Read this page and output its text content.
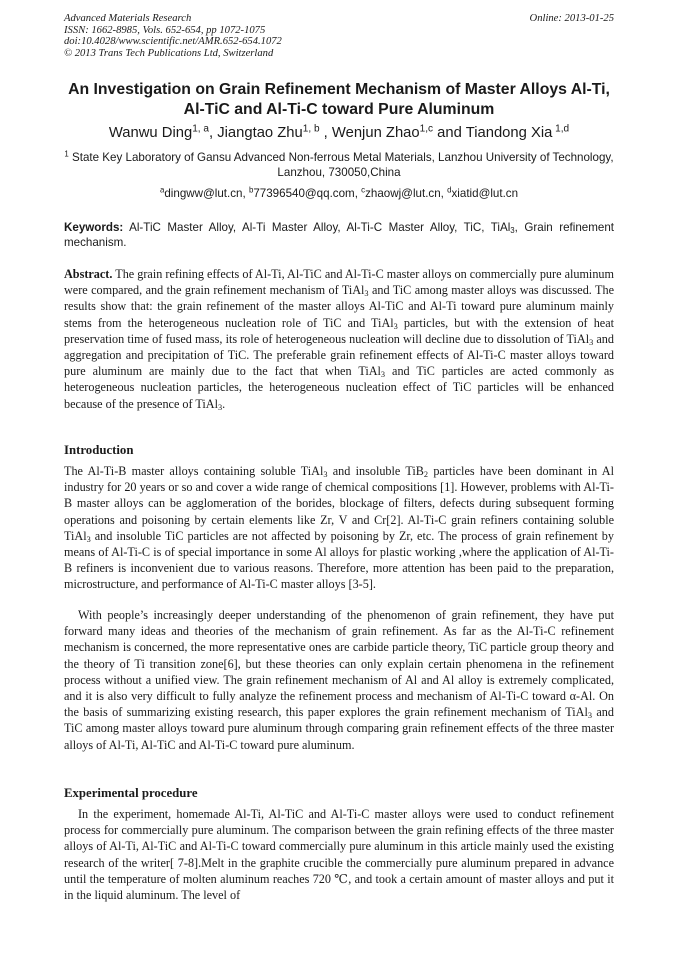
Advanced Materials Research
ISSN: 1662-8985, Vols. 652-654, pp 1072-1075
doi:10.4028/www.scientific.net/AMR.652-654.1072
© 2013 Trans Tech Publications Ltd, Switzerland
Online: 2013-01-25
An Investigation on Grain Refinement Mechanism of Master Alloys Al-Ti,
Al-TiC and Al-Ti-C toward Pure Aluminum
Wanwu Ding$^{1, a}$, Jiangtao Zhu$^{1, b}$ , Wenjun Zhao$^{1,c}$ and Tiandong Xia $^{1,d}$
$^1$ State Key Laboratory of Gansu Advanced Non-ferrous Metal Materials, Lanzhou University of Technology, Lanzhou, 730050,China
$^a$dingww@lut.cn, $^b$77396540@qq.com, $^c$zhaowj@lut.cn, $^d$xiatid@lut.cn

Keywords: Al-TiC Master Alloy, Al-Ti Master Alloy, Al-Ti-C Master Alloy, TiC, TiAl$_3$, Grain refinement mechanism.

Abstract. The grain refining effects of Al-Ti, Al-TiC and Al-Ti-C master alloys on commercially pure aluminum were compared, and the grain refinement mechanism of TiAl$_3$ and TiC among master alloys was discussed. The results show that: the grain refinement of the master alloys Al-TiC and Al-Ti toward pure aluminum mainly stems from the heterogeneous nucleation role of TiC and TiAl$_3$ particles, but with the extension of heat preservation time of fused mass, its role of heterogeneous nucleation will decline due to dissolution of TiAl$_3$ and aggregation and precipitation of TiC. The preferable grain refinement effects of Al-Ti-C master alloys toward pure aluminum are mainly due to the fact that when TiAl$_3$ and TiC particles are acted commonly as heterogeneous nucleation particles, the heterogeneous nucleation effect of TiC particles will be enhanced because of the presence of TiAl$_3$.

Introduction

The Al-Ti-B master alloys containing soluble TiAl$_3$ and insoluble TiB$_2$ particles have been dominant in Al industry for 20 years or so and cover a wide range of chemical compositions [1]. However, problems with Al-Ti-B master alloys can be agglomeration of the borides, blockage of filters, defects during subsequent forming operations and poisoning by certain elements like Zr, V and Cr[2]. Al-Ti-C grain refiners containing soluble TiAl$_3$ and insoluble TiC particles are not affected by poisoning by Zr, etc. The process of grain refinement by means of Al-Ti-C is of special importance in some Al alloys for plastic working ,where the application of Al-Ti-B refiners is inconvenient due to various reasons. Therefore, more attention has been paid to the preparation, microstructure, and performance of Al-Ti-C master alloys [3-5].

With people’s increasingly deeper understanding of the phenomenon of grain refinement, they have put forward many ideas and theories of the mechanism of grain refinement. As far as the Al-Ti-C refinement mechanism is concerned, the more representative ones are carbide particle theory, TiC particle group theory and the theory of Ti transition zone[6], but these theories can only explain certain phenomena in the refinement process without a unified view. The grain refinement mechanism of Al and Al alloy is extremely complicated, and it is also very difficult to fully analyze the refinement process and mechanism of Al-Ti-C toward α-Al. On the basis of summarizing existing research, this paper explores the grain refinement mechanism of TiAl$_3$ and TiC among master alloys toward pure aluminum through comparing grain refinement effects of the three master alloys of Al-Ti, Al-TiC and Al-Ti-C toward pure aluminum.

Experimental procedure

In the experiment, homemade Al-Ti, Al-TiC and Al-Ti-C master alloys were used to conduct refinement process for commercially pure aluminum. The comparison between the grain refining effects of the three master alloys of Al-Ti, Al-TiC and Al-Ti-C toward commercially pure aluminum in this article mainly used the existing research of the writer[ 7-8].Melt in the graphite crucible the commercially pure aluminum prepared in advance until the temperature of molten aluminum reaches 720 ℃, and took a certain amount of master alloys and put it in the liquid aluminum. The level of
